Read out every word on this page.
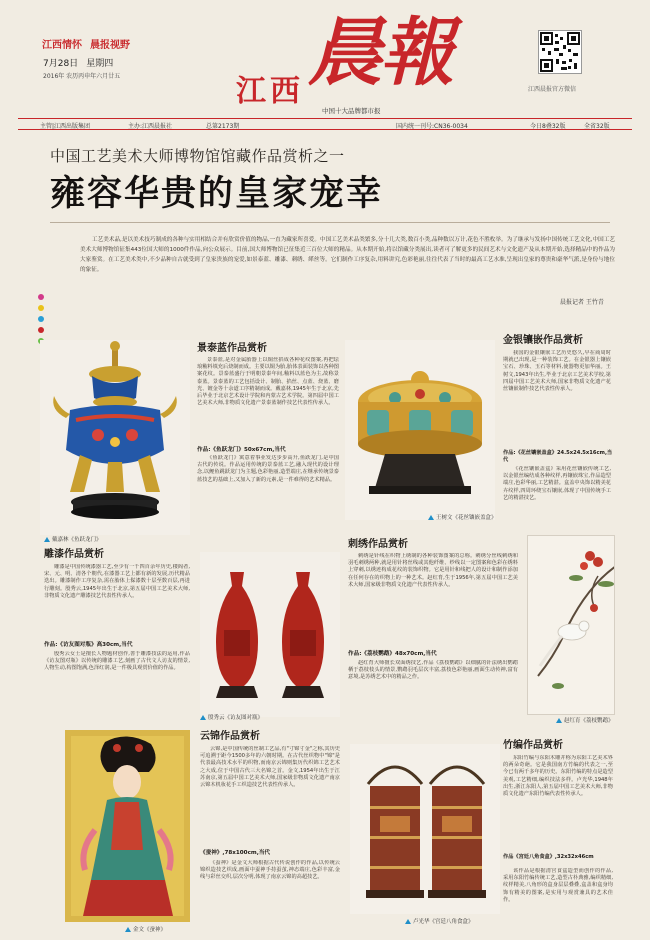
江西情怀 晨报视野
7月28日 星期四
2016年 农历丙申年六月廿五	江西 晨報
中国十大品牌都市报
江西晨报官方微信
主管|江西出版集团	主办:江西晨报社	总第2173期	国内统一刊号:CN36-0034	今日8叠32版	全省32版
中国工艺美术大师博物馆馆藏作品赏析之一
雍容华贵的皇家宠幸
工艺美术品,是以美术技巧制成的各种与实用相结合并有欣赏价值的物品,一直为藏家所喜爱。中国工艺美术品类繁多,分十几大类,数百小类,品种数以万计,花色不胜枚举。为了继承与发扬中国传统工艺文化,中国工艺美术大师博物馆征集443位国大师的1000件作品,向公众展示。目前,国大师博物馆已征集近三百位大师的精品。从本期开始,将以馆藏分类展出,读者可了解更多的民间艺术与文化遗产及从本期开始,选择精品中的作品为大家鉴赏。在工艺美术类中,不少品种自古就受到了皇家贵族的宠爱,如景泰蓝、雕漆、刺绣、缂丝等。它们制作工序复杂,用料讲究,色彩艳丽,往往代表了当时的最高工艺水准,呈现出皇家的尊贵和豪华气派,是身份与地位的象征。
晨报记者 王竹青
戴嘉林《鱼跃龙门》
景泰蓝作品赏析
景泰蓝,是对金属胎器上以铜丝掐成各种花纹图案,再把珐琅釉料填充后烧制而成。主要以铜为胎,胎体表面装饰以各种图案花纹。景泰蓝盛行于明朝景泰年间,釉料以蓝色为主,故称景泰蓝。景泰蓝的工艺包括设计、制胎、掐丝、点蓝、烧蓝、磨光、镀金等十余道工序精制而成。戴嘉林,1945年生于北京,先后毕业于北京艺术设计学院和内蒙古艺术学院。第四届中国工艺美术大师,非物质文化遗产景泰蓝制作技艺代表性传承人。
作品:《鱼跃龙门》50x67cm,当代
《鱼跃龙门》寓意着事业发达步步高升,鱼跃龙门,是中国古代的传说。作品运用传统的景泰蓝工艺,融入现代的设计理念,以鲤鱼跳跃龙门为主题,色彩艳丽,造型端庄,在继承传统景泰蓝技艺的基础上,又加入了新的元素,是一件难得的艺术精品。
王树文《花丝镶嵌盖盒》
金银镶嵌作品赏析
我国的金银镶嵌工艺历史悠久,早在商周时期就已出现,是一种装饰工艺。在金银器上镶嵌宝石、珍珠、玉石等材料,使器物更加华丽。王树文,1943年出生,毕业于北京工艺美术学校,第四届中国工艺美术大师,国家非物质文化遗产花丝镶嵌制作技艺代表性传承人。
作品:《花丝镶嵌盖盒》24.5x24.5x16cm,当代
《花丝镶嵌盖盒》采用花丝镶嵌传统工艺,以金银丝编结成各种纹样,再镶嵌珠宝,作品造型端庄,色彩华丽,工艺精湛。盒盖中央饰以精美花卉纹样,四周环绕宝石镶嵌,体现了中国传统手工艺的精湛技艺。
雕漆作品赏析
雕漆是中国传统漆器工艺,至少有一千四百余年历史,楼阁者,宋、元、明、清各个朝代,在漆器工艺上都有新的发展,历代精品迭出。雕漆制作工序复杂,需在胎体上髹漆数十层至数百层,再进行雕刻。殷秀云,1945年出生于北京,第五届中国工艺美术大师,非物质文化遗产雕漆技艺代表性传承人。
作品:《访友图对瓶》高30cm,当代
殷秀云女士是擅长人物题材创作,善于雕漆技法的运用,作品《访友图对瓶》以传统的雕漆工艺,刻画了古代文人访友的情景,人物生动,构图饱满,色泽红润,是一件极具观赏价值的作品。
殷秀云《访友图对瓶》
刺绣作品赏析
刺绣是针线在织物上绣制的各种装饰图案的总称。刺绣分丝线刺绣和羽毛刺绣两种,就是用针将丝线或其他纤维、纱线以一定图案和色彩在绣料上穿刺,以绣迹构成花纹的装饰织物。它是用针和线把人的设计和制作添加在任何存在的织物上的一种艺术。赵红育,生于1956年,第五届中国工艺美术大师,国家级非物质文化遗产代表性传承人。
作品:《荔枝鹦鹉》48x70cm,当代
赵红育大师擅长双面绣技艺,作品《荔枝鹦鹉》以细腻的针法绣出鹦鹉栖于荔枝枝头的情景,鹦鹉羽毛层次丰富,荔枝色彩艳丽,画面生动传神,富有意境,是苏绣艺术中的精品之作。
赵红育《荔枝鹦鹉》
金文《蚕神》
云锦作品赏析
云锦,是中国传统的丝制工艺品,有"寸锦寸金"之称,其历史可追溯于距今1500多年的六朝时期。在古代丝织物中"锦"是代表最高技术水平的织物,而南京云锦则集历代织锦工艺艺术之大成,位于中国古代三大名锦之首。金文,1954年出生于江苏南京,第五届中国工艺美术大师,国家级非物质文化遗产南京云锦木机妆花手工织造技艺代表性传承人。
《蚕神》,78x100cm,当代
《蚕神》是金文大师根据古代传说创作的作品,以传统云锦织造技艺织成,画面中蚕神手持蚕茧,神态端庄,色彩丰富,金线与彩丝交织,层次分明,体现了南京云锦的高超技艺。
卢光华《宫廷八角食盒》
竹编作品赏析
东阳竹编与东阳木雕并称为东阳工艺美术界的两朵奇葩。它是我国南方竹编的代表之一,至今已有两千多年的历史。东阳竹编的特点是造型美观,工艺精细,编织技法多样。卢光华,1948年出生,浙江东阳人,第五届中国工艺美术大师,非物质文化遗产东阳竹编代表性传承人。
作品《宫廷八角食盒》,32x32x46cm
该作品是根据清宫食盒造型而创作的作品,采用东阳竹编传统工艺,造型古朴典雅,编织精细,纹样精美,八角形的盒身层层叠叠,盒盖和盒身均饰有精美的图案,是实用与观赏兼具的艺术佳作。
